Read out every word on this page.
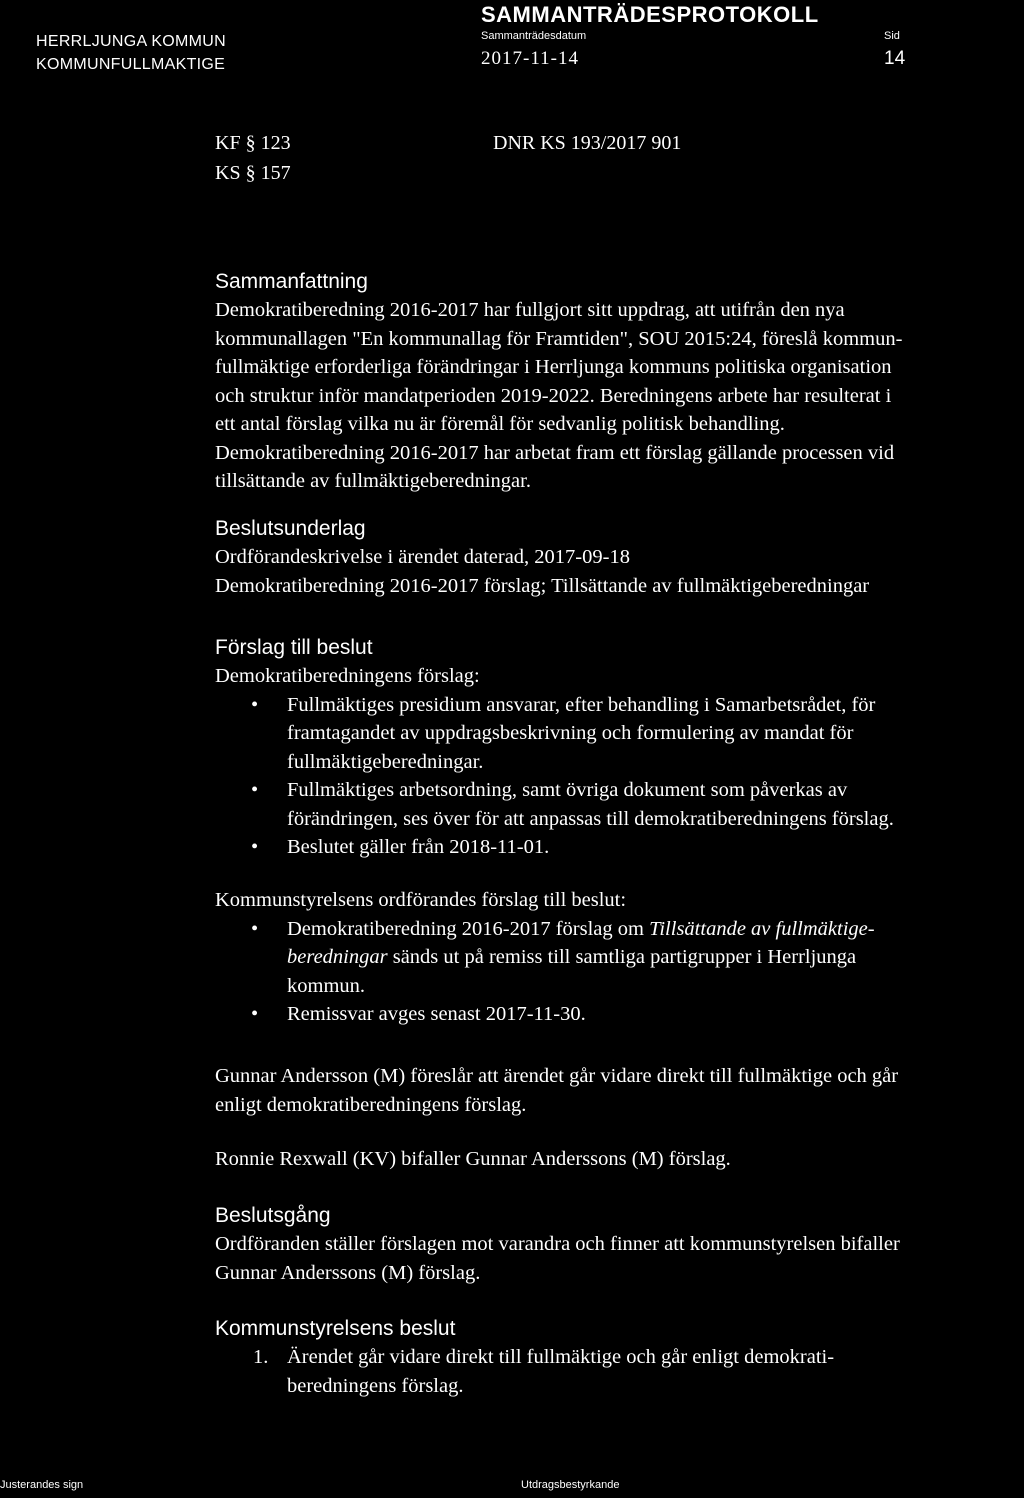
HERRLJUNGA KOMMUN
KOMMUNFULLMAKTIGE
SAMMANTRÄDESPROTOKOLL
Sammanträdesdatum
2017-11-14
Sid
14
KF § 123
KS § 157
DNR KS 193/2017 901
Sammanfattning

Demokratiberedning 2016-2017 har fullgjort sitt uppdrag, att utifrån den nya

kommunallagen "En kommunallag för Framtiden", SOU 2015:24, föreslå kommun-

fullmäktige erforderliga förändringar i Herrljunga kommuns politiska organisation

och struktur inför mandatperioden 2019-2022. Beredningens arbete har resulterat i

ett antal förslag vilka nu är föremål för sedvanlig politisk behandling.

Demokratiberedning 2016-2017 har arbetat fram ett förslag gällande processen vid

tillsättande av fullmäktigeberedningar.

Beslutsunderlag

Ordförandeskrivelse i ärendet daterad, 2017-09-18

Demokratiberedning 2016-2017 förslag; Tillsättande av fullmäktigeberedningar

Förslag till beslut

Demokratiberedningens förslag:

• Fullmäktiges presidium ansvarar, efter behandling i Samarbetsrådet, för
framtagandet av uppdragsbeskrivning och formulering av mandat för
fullmäktigeberedningar.
• Fullmäktiges arbetsordning, samt övriga dokument som påverkas av
förändringen, ses över för att anpassas till demokratiberedningens förslag.
• Beslutet gäller från 2018-11-01.

Kommunstyrelsens ordförandes förslag till beslut:

• Demokratiberedning 2016-2017 förslag om Tillsättande av fullmäktige-
beredningar sänds ut på remiss till samtliga partigrupper i Herrljunga
kommun.
• Remissvar avges senast 2017-11-30.

Gunnar Andersson (M) föreslår att ärendet går vidare direkt till fullmäktige och går

enligt demokratiberedningens förslag.

Ronnie Rexwall (KV) bifaller Gunnar Anderssons (M) förslag.

Beslutsgång

Ordföranden ställer förslagen mot varandra och finner att kommunstyrelsen bifaller

Gunnar Anderssons (M) förslag.

Kommunstyrelsens beslut
1. Ärendet går vidare direkt till fullmäktige och går enligt demokrati-
beredningens förslag.
Justerandes sign	Utdragsbestyrkande
